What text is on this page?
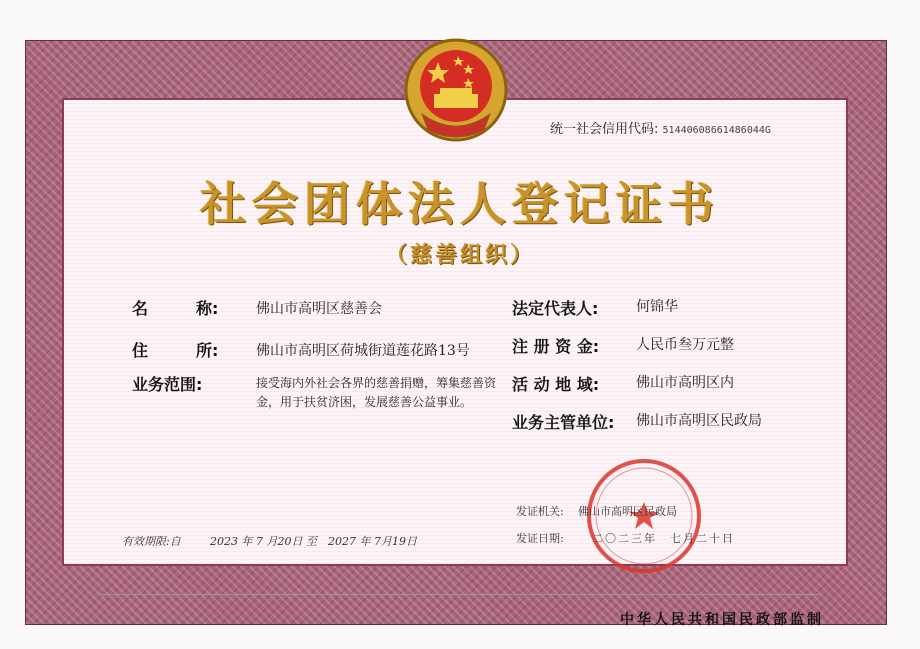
统一社会信用代码: 51440608661486044G
社会团体法人登记证书
（慈善组织）
名　　　称:	佛山市高明区慈善会
住　　　所:	佛山市高明区荷城街道莲花路13号
业务范围:	接受海内外社会各界的慈善捐赠，筹集慈善资金，用于扶贫济困，发展慈善公益事业。
法定代表人:	何锦华
注 册 资 金:	人民币叁万元整
活 动 地 域:	佛山市高明区内
业务主管单位: 佛山市高明区民政局
发证机关: 佛山市高明区民政局
发证日期:	二〇二三年　七月二十日
有效期限:自	2023 年 7 月20日 至　2027 年 7月19日
中华人民共和国民政部监制
